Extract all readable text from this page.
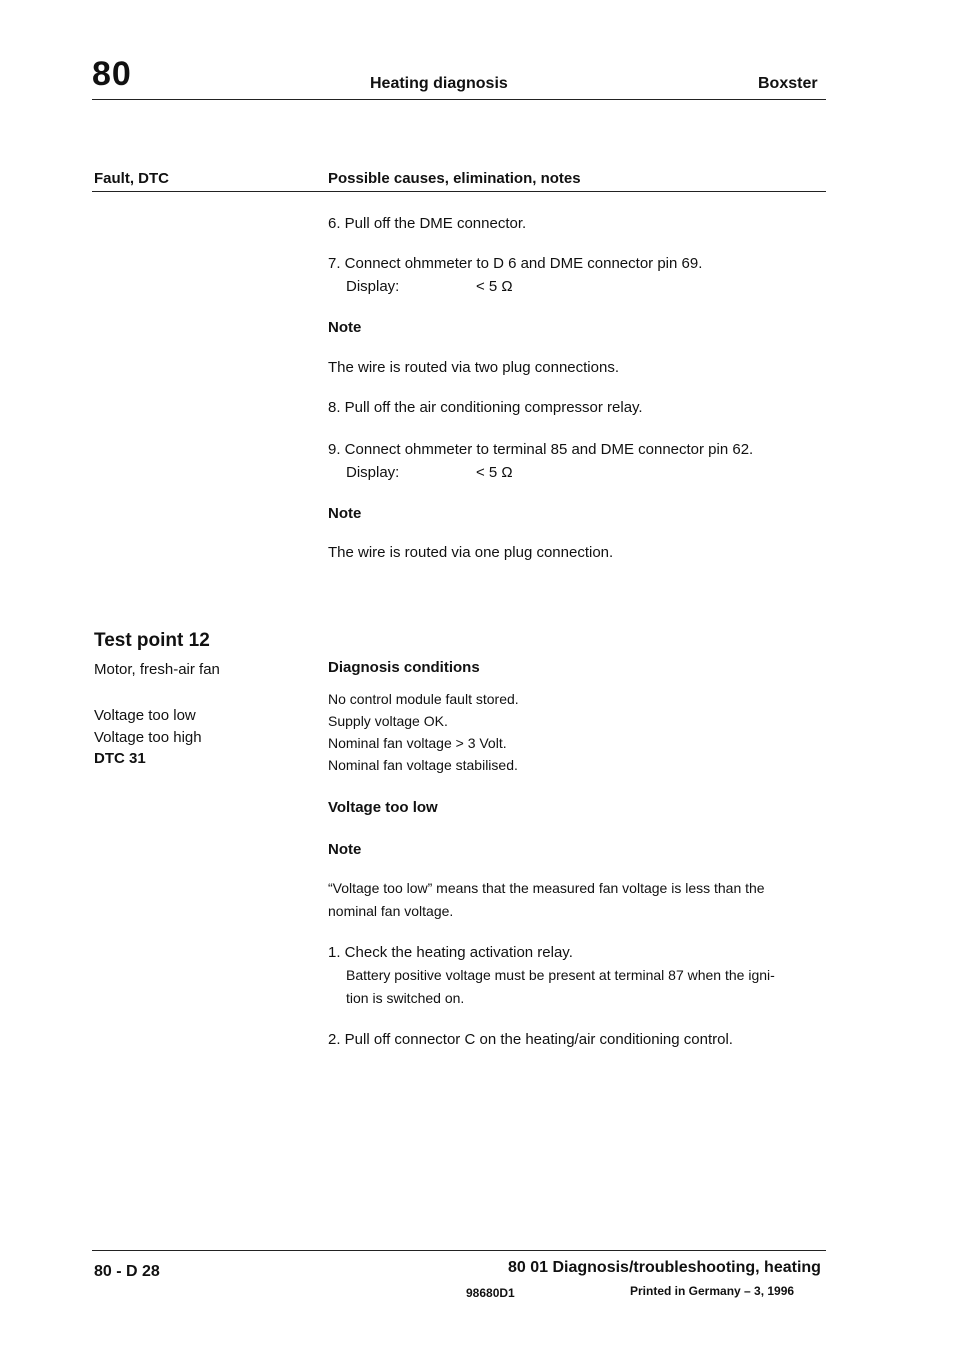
80	Heating diagnosis	Boxster
Fault, DTC	Possible causes, elimination, notes
6. Pull off the DME connector.
7. Connect ohmmeter to D 6 and DME connector pin 69.
Display:	< 5 Ω
Note
The wire is routed via two plug connections.
8. Pull off the air conditioning compressor relay.
9. Connect ohmmeter to terminal 85 and DME connector pin 62.
Display:	< 5 Ω
Note
The wire is routed via one plug connection.
Test point 12
Motor, fresh-air fan
Voltage too low
Voltage too high
DTC 31
Diagnosis conditions
No control module fault stored.
Supply voltage OK.
Nominal fan voltage > 3 Volt.
Nominal fan voltage stabilised.
Voltage too low
Note
“Voltage too low” means that the measured fan voltage is less than the
nominal fan voltage.
1. Check the heating activation relay.
Battery positive voltage must be present at terminal 87 when the igni-
tion is switched on.
2. Pull off connector C on the heating/air conditioning control.
80 - D 28	80 01 Diagnosis/troubleshooting, heating
98680D1	Printed in Germany – 3, 1996
